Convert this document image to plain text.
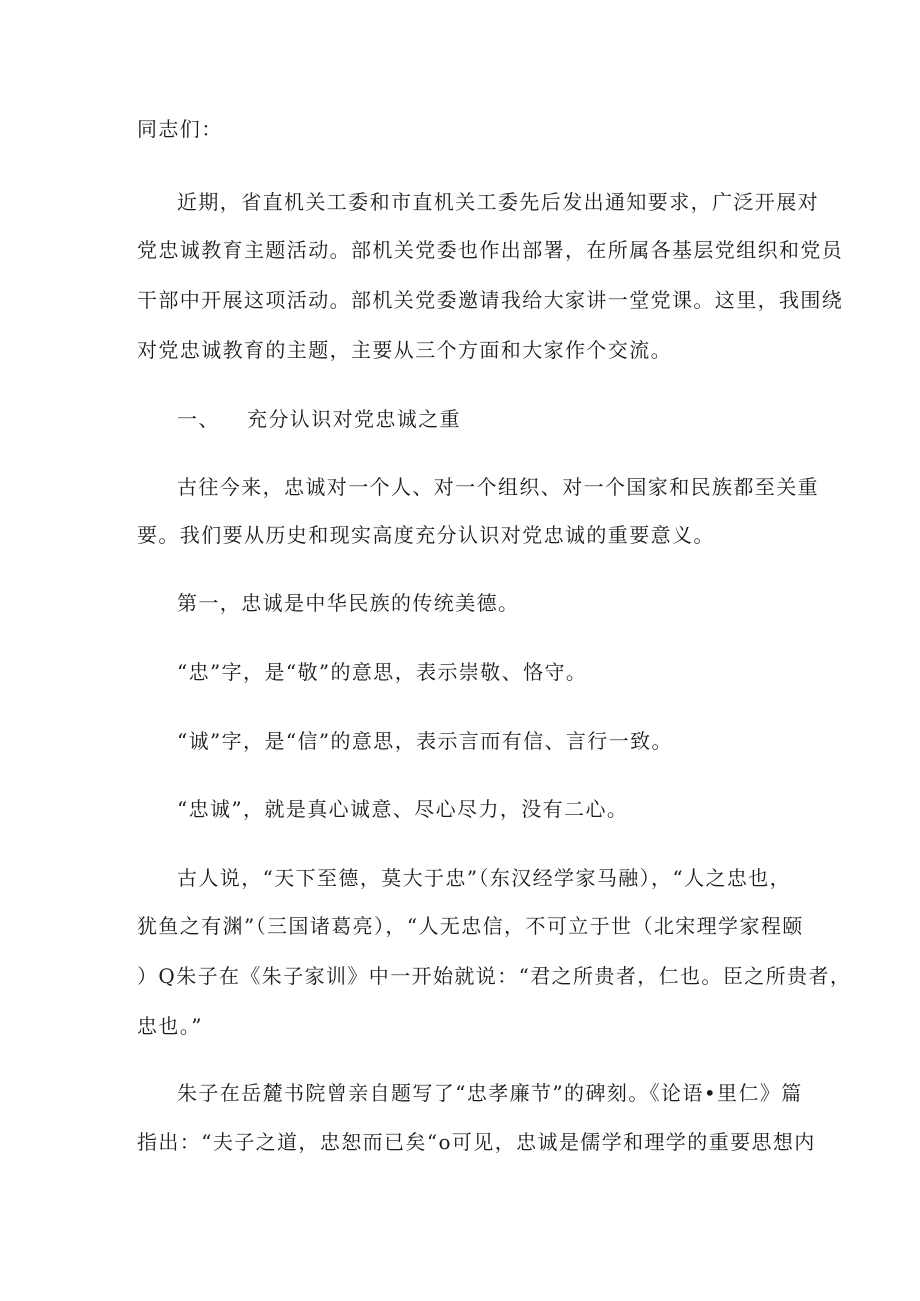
同志们：
近期，省直机关工委和市直机关工委先后发出通知要求，广泛开展对
党忠诚教育主题活动。部机关党委也作出部署，在所属各基层党组织和党员
干部中开展这项活动。部机关党委邀请我给大家讲一堂党课。这里，我围绕
对党忠诚教育的主题，主要从三个方面和大家作个交流。
一、 充分认识对党忠诚之重
古往今来，忠诚对一个人、对一个组织、对一个国家和民族都至关重
要。我们要从历史和现实高度充分认识对党忠诚的重要意义。
第一，忠诚是中华民族的传统美德。
“忠”字，是“敬”的意思，表示崇敬、恪守。
“诚”字，是“信”的意思，表示言而有信、言行一致。
“忠诚”，就是真心诚意、尽心尽力，没有二心。
古人说，“天下至德，莫大于忠”（东汉经学家马融），“人之忠也，
犹鱼之有渊”（三国诸葛亮），“人无忠信，不可立于世（北宋理学家程颐
）Q朱子在《朱子家训》中一开始就说：“君之所贵者，仁也。臣之所贵者，
忠也。”
朱子在岳麓书院曾亲自题写了“忠孝廉节”的碑刻。《论语•里仁》篇
指出：“夫子之道，忠恕而已矣“o可见，忠诚是儒学和理学的重要思想内
